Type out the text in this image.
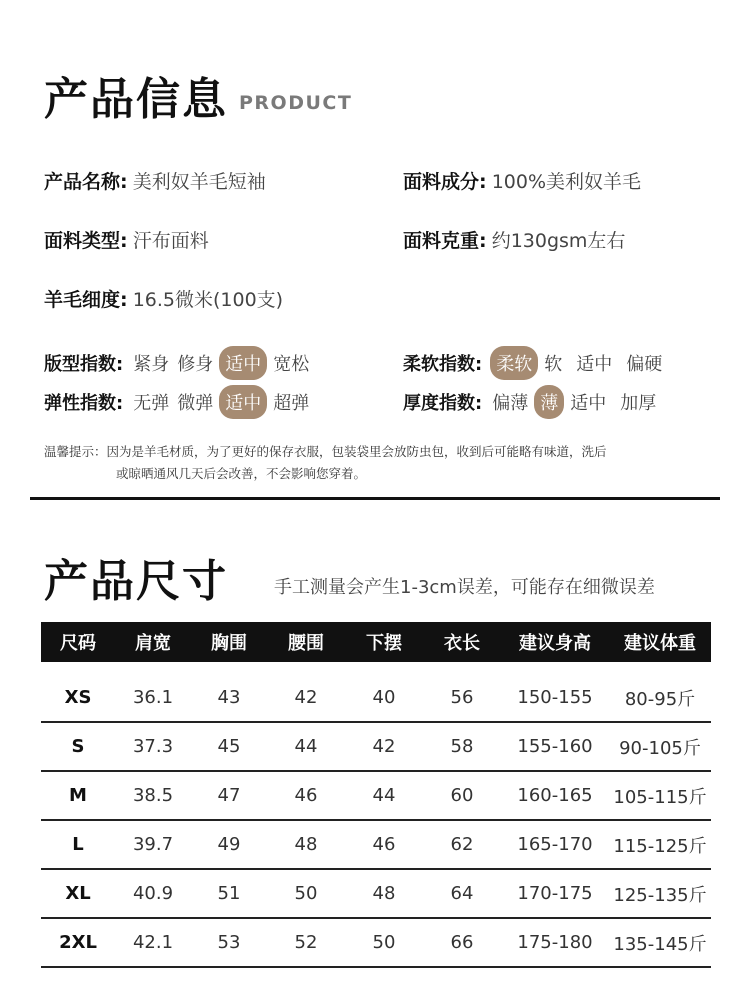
产品信息 PRODUCT
产品名称: 美利奴羊毛短袖	面料成分: 100%美利奴羊毛
面料类型: 汗布面料	面料克重: 约130gsm左右
羊毛细度: 16.5微米(100支)
版型指数: 紧身 修身 适中 宽松	柔软指数: 柔软 软 适中 偏硬
弹性指数: 无弹 微弹 适中 超弹	厚度指数: 偏薄 薄 适中 加厚
温馨提示：因为是羊毛材质，为了更好的保存衣服，包装袋里会放防虫包，收到后可能略有味道，洗后
或晾晒通风几天后会改善，不会影响您穿着。
产品尺寸	手工测量会产生1-3cm误差，可能存在细微误差
尺码	肩宽	胸围	腰围	下摆	衣长	建议身高	建议体重

XS	36.1	43	42	40	56	150-155	80-95斤
S	37.3	45	44	42	58	155-160	90-105斤
M	38.5	47	46	44	60	160-165	105-115斤
L	39.7	49	48	46	62	165-170	115-125斤
XL	40.9	51	50	48	64	170-175	125-135斤
2XL	42.1	53	52	50	66	175-180	135-145斤
